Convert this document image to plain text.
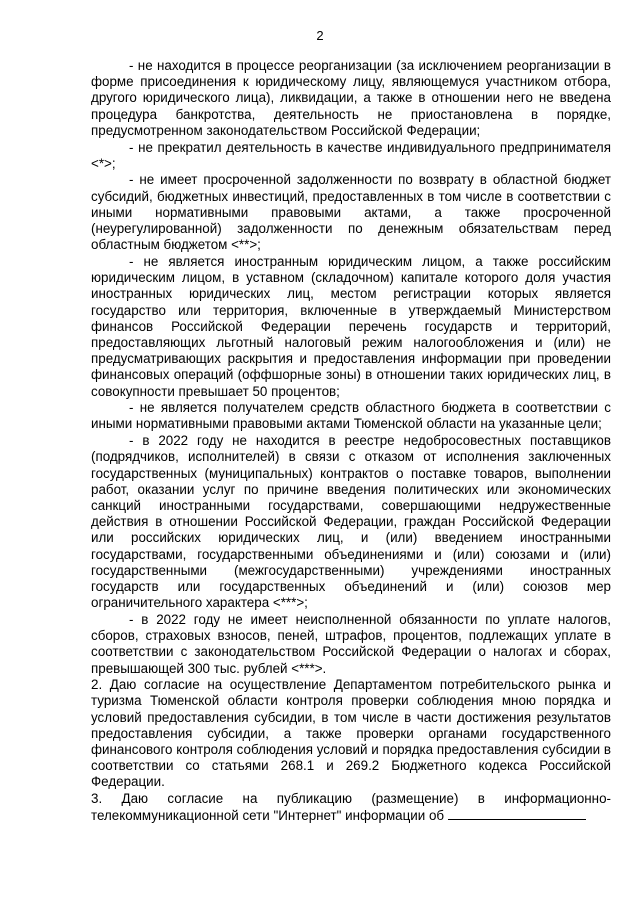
2

- не находится в процессе реорганизации (за исключением реорганизации в форме присоединения к юридическому лицу, являющемуся участником отбора, другого юридического лица), ликвидации, а также в отношении него не введена процедура банкротства, деятельность не приостановлена в порядке, предусмотренном законодательством Российской Федерации;

- не прекратил деятельность в качестве индивидуального предпринимателя <*>;

- не имеет просроченной задолженности по возврату в областной бюджет субсидий, бюджетных инвестиций, предоставленных в том числе в соответствии с иными нормативными правовыми актами, а также просроченной (неурегулированной) задолженности по денежным обязательствам перед областным бюджетом <**>;

- не является иностранным юридическим лицом, а также российским юридическим лицом, в уставном (складочном) капитале которого доля участия иностранных юридических лиц, местом регистрации которых является государство или территория, включенные в утверждаемый Министерством финансов Российской Федерации перечень государств и территорий, предоставляющих льготный налоговый режим налогообложения и (или) не предусматривающих раскрытия и предоставления информации при проведении финансовых операций (оффшорные зоны) в отношении таких юридических лиц, в совокупности превышает 50 процентов;

- не является получателем средств областного бюджета в соответствии с иными нормативными правовыми актами Тюменской области на указанные цели;

- в 2022 году не находится в реестре недобросовестных поставщиков (подрядчиков, исполнителей) в связи с отказом от исполнения заключенных государственных (муниципальных) контрактов о поставке товаров, выполнении работ, оказании услуг по причине введения политических или экономических санкций иностранными государствами, совершающими недружественные действия в отношении Российской Федерации, граждан Российской Федерации или российских юридических лиц, и (или) введением иностранными государствами, государственными объединениями и (или) союзами и (или) государственными (межгосударственными) учреждениями иностранных государств или государственных объединений и (или) союзов мер ограничительного характера <***>;

- в 2022 году не имеет неисполненной обязанности по уплате налогов, сборов, страховых взносов, пеней, штрафов, процентов, подлежащих уплате в соответствии с законодательством Российской Федерации о налогах и сборах, превышающей 300 тыс. рублей <***>.

2. Даю согласие на осуществление Департаментом потребительского рынка и туризма Тюменской области контроля проверки соблюдения мною порядка и условий предоставления субсидии, в том числе в части достижения результатов предоставления субсидии, а также проверки органами государственного финансового контроля соблюдения условий и порядка предоставления субсидии в соответствии со статьями 268.1 и 269.2 Бюджетного кодекса Российской Федерации.

3. Даю согласие на публикацию (размещение) в информационно-телекоммуникационной сети "Интернет" информации об
